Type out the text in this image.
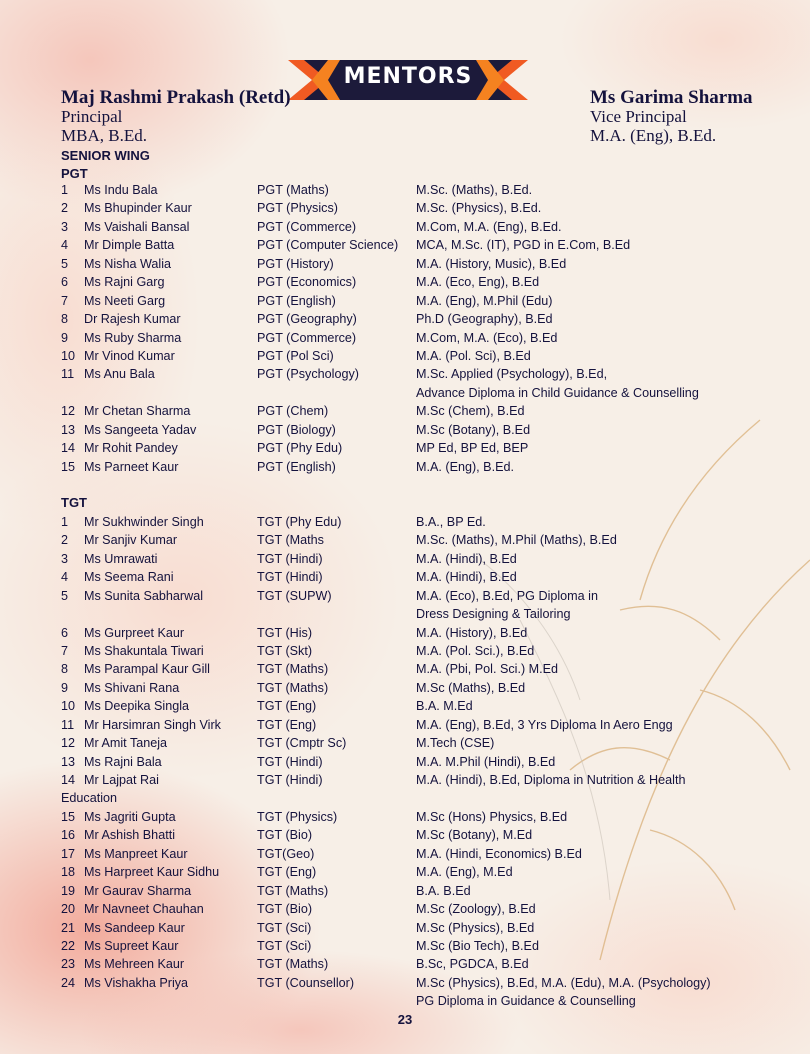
MENTORS
Maj Rashmi Prakash (Retd)
Principal
MBA, B.Ed.
Ms Garima Sharma
Vice Principal
M.A. (Eng), B.Ed.
SENIOR WING
PGT
1 Ms Indu Bala	PGT (Maths)	M.Sc. (Maths), B.Ed.
2 Ms Bhupinder Kaur	PGT (Physics)	M.Sc. (Physics), B.Ed.
3 Ms Vaishali Bansal	PGT (Commerce)	M.Com, M.A. (Eng), B.Ed.
4 Mr Dimple Batta	PGT (Computer Science) MCA, M.Sc. (IT), PGD in E.Com, B.Ed
5 Ms Nisha Walia	PGT (History)	M.A. (History, Music), B.Ed
6 Ms Rajni Garg	PGT (Economics)	M.A. (Eco, Eng), B.Ed
7 Ms Neeti Garg	PGT (English)	M.A. (Eng), M.Phil (Edu)
8 Dr Rajesh Kumar	PGT (Geography)	Ph.D (Geography), B.Ed
9 Ms Ruby Sharma	PGT (Commerce)	M.Com, M.A. (Eco), B.Ed
10 Mr Vinod Kumar	PGT (Pol Sci)	M.A. (Pol. Sci), B.Ed
11 Ms Anu Bala	PGT (Psychology)	M.Sc. Applied (Psychology), B.Ed,
Advance Diploma in Child Guidance & Counselling
12 Mr Chetan Sharma	PGT (Chem)	M.Sc (Chem), B.Ed
13 Ms Sangeeta Yadav	PGT (Biology)	M.Sc (Botany), B.Ed
14 Mr Rohit Pandey	PGT (Phy Edu)	MP Ed, BP Ed, BEP
15 Ms Parneet Kaur	PGT (English)	M.A. (Eng), B.Ed.
TGT
1 Mr Sukhwinder Singh	TGT (Phy Edu)	B.A., BP Ed.
2 Mr Sanjiv Kumar	TGT (Maths	M.Sc. (Maths), M.Phil (Maths), B.Ed
3 Ms Umrawati	TGT (Hindi)	M.A. (Hindi), B.Ed
4 Ms Seema Rani	TGT (Hindi)	M.A. (Hindi), B.Ed
5 Ms Sunita Sabharwal	TGT (SUPW)	M.A. (Eco), B.Ed, PG Diploma in
Dress Designing & Tailoring
6 Ms Gurpreet Kaur	TGT (His)	M.A. (History), B.Ed
7 Ms Shakuntala Tiwari	TGT (Skt)	M.A. (Pol. Sci.), B.Ed
8 Ms Parampal Kaur Gill	TGT (Maths)	M.A. (Pbi, Pol. Sci.) M.Ed
9 Ms Shivani Rana	TGT (Maths)	M.Sc (Maths), B.Ed
10 Ms Deepika Singla	TGT (Eng)	B.A. M.Ed
11 Mr Harsimran Singh Virk	TGT (Eng)	M.A. (Eng), B.Ed, 3 Yrs Diploma In Aero Engg
12 Mr Amit Taneja	TGT (Cmptr Sc)	M.Tech (CSE)
13 Ms Rajni Bala	TGT (Hindi)	M.A. M.Phil (Hindi), B.Ed
14 Mr Lajpat Rai	TGT (Hindi)	M.A. (Hindi), B.Ed, Diploma in Nutrition & Health
Education
15 Ms Jagriti Gupta	TGT (Physics)	M.Sc (Hons) Physics, B.Ed
16 Mr Ashish Bhatti	TGT (Bio)	M.Sc (Botany), M.Ed
17 Ms Manpreet Kaur	TGT(Geo)	M.A. (Hindi, Economics) B.Ed
18 Ms Harpreet Kaur Sidhu	TGT (Eng)	M.A. (Eng), M.Ed
19 Mr Gaurav Sharma	TGT (Maths)	B.A. B.Ed
20 Mr Navneet Chauhan	TGT (Bio)	M.Sc (Zoology), B.Ed
21 Ms Sandeep Kaur	TGT (Sci)	M.Sc (Physics), B.Ed
22 Ms Supreet Kaur	TGT (Sci)	M.Sc (Bio Tech), B.Ed
23 Ms Mehreen Kaur	TGT (Maths)	B.Sc, PGDCA, B.Ed
24 Ms Vishakha Priya	TGT (Counsellor)	M.Sc (Physics), B.Ed, M.A. (Edu), M.A. (Psychology)
PG Diploma in Guidance & Counselling
23
